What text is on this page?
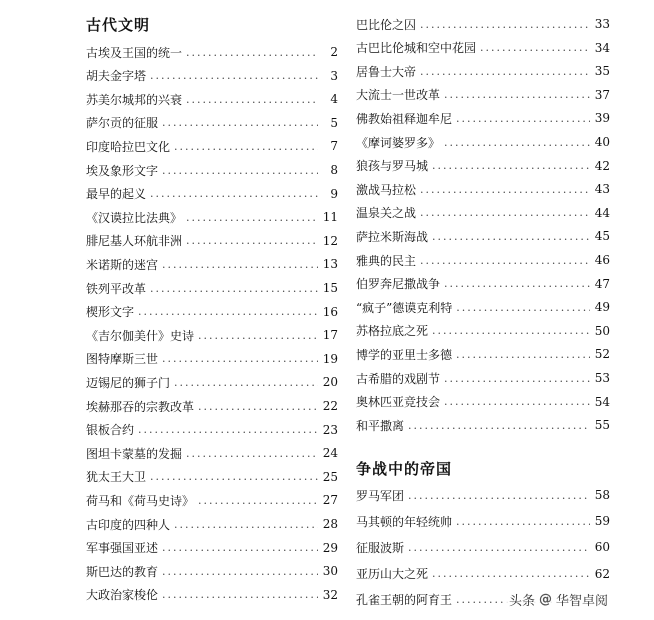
古代文明
古埃及王国的统一 .....	2
胡夫金字塔 .....	3
苏美尔城邦的兴衰 .....	4
萨尔贡的征服 .....	5
印度哈拉巴文化 .....	7
埃及象形文字 .....	8
最早的起义 .....	9
《汉谟拉比法典》 .....	11
腓尼基人环航非洲 .....	12
米诺斯的迷宫 .....	13
铁列平改革 .....	15
楔形文字 .....	16
《吉尔伽美什》史诗 .....	17
图特摩斯三世 .....	19
迈锡尼的狮子门 .....	20
埃赫那吞的宗教改革 .....	22
银板合约 .....	23
图坦卡蒙墓的发掘 .....	24
犹太王大卫 .....	25
荷马和《荷马史诗》 .....	27
古印度的四种人 .....	28
军事强国亚述 .....	29
斯巴达的教育 .....	30
大政治家梭伦 .....	32
巴比伦之囚 .....	33
古巴比伦城和空中花园 .....	34
居鲁士大帝 .....	35
大流士一世改革 .....	37
佛教始祖释迦牟尼 .....	39
《摩诃婆罗多》 .....	40
狼孩与罗马城 .....	42
激战马拉松 .....	43
温泉关之战 .....	44
萨拉米斯海战 .....	45
雅典的民主 .....	46
伯罗奔尼撒战争 .....	47
“疯子”德谟克利特 .....	49
苏格拉底之死 .....	50
博学的亚里士多德 .....	52
古希腊的戏剧节 .....	53
奥林匹亚竞技会 .....	54
和平撒离 .....	55
争战中的帝国
罗马军团 .....	58
马其顿的年轻统帅 .....	59
征服波斯 .....	60
亚历山大之死 .....	62
孔雀王朝的阿育王 .....	头条 @ 华智卓阅
